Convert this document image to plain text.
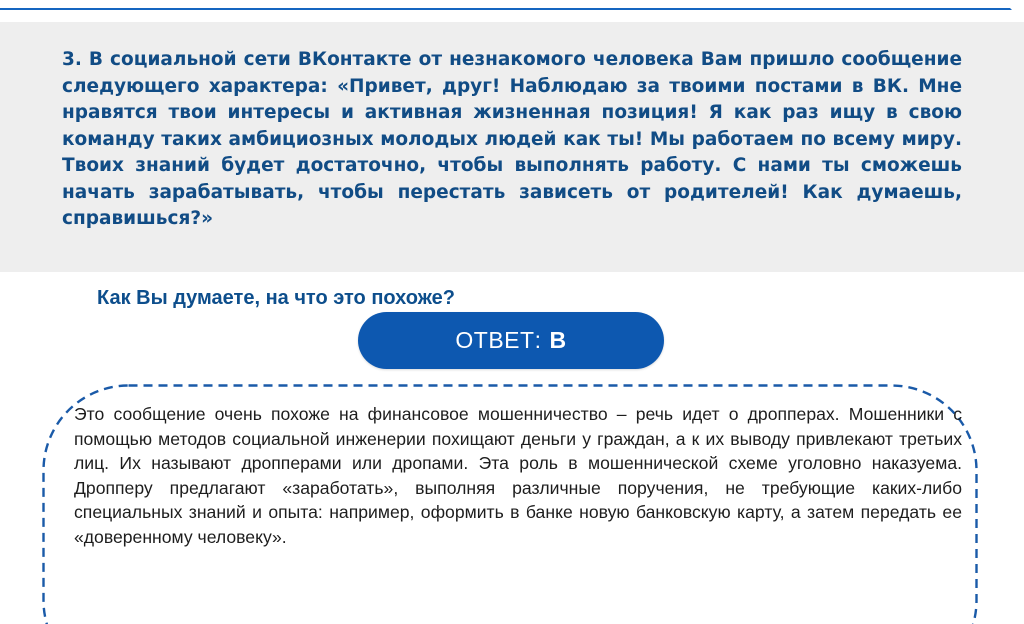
3. В социальной сети ВКонтакте от незнакомого человека Вам пришло сообщение следующего характера: «Привет, друг! Наблюдаю за твоими постами в ВК. Мне нравятся твои интересы и активная жизненная позиция! Я как раз ищу в свою команду таких амбициозных молодых людей как ты! Мы работаем по всему миру. Твоих знаний будет достаточно, чтобы выполнять работу. С нами ты сможешь начать зарабатывать, чтобы перестать зависеть от родителей! Как думаешь, справишься?»

Как Вы думаете, на что это похоже?

ОТВЕТ: В

Это сообщение очень похоже на финансовое мошенничество – речь идет о дропперах. Мошенники с помощью методов социальной инженерии похищают деньги у граждан, а к их выводу привлекают третьих лиц. Их называют дропперами или дропами. Эта роль в мошеннической схеме уголовно наказуема. Дропперу предлагают «заработать», выполняя различные поручения, не требующие каких-либо специальных знаний и опыта: например, оформить в банке новую банковскую карту, а затем передать ее «доверенному человеку».
